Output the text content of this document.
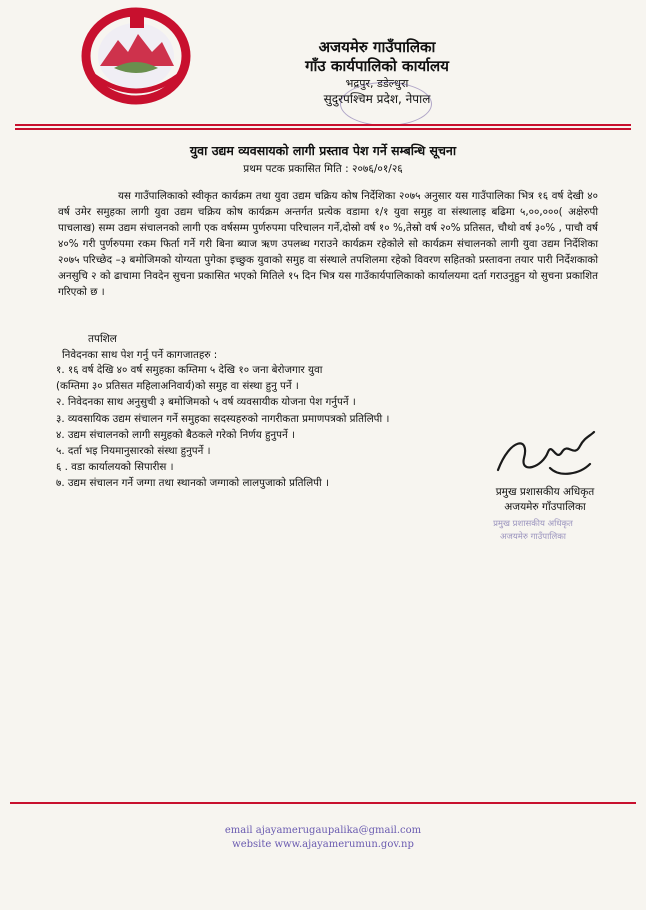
अजयमेरु गाउँपालिका
गाँउ कार्यपालिको कार्यालय
भद्रपुर, डडेल्धुरा
सुदुरपश्चिम प्रदेश, नेपाल
युवा उद्यम व्यवसायको लागी प्रस्ताव पेश गर्ने सम्बन्धि सूचना
प्रथम पटक प्रकासित मिति : २०७६/०१/२६
यस गाउँपालिकाको स्वीकृत कार्यक्रम तथा युवा उद्यम चक्रिय कोष निर्देशिका २०७५ अनुसार यस गाउँपालिका भित्र १६ वर्ष देखी ४० वर्ष उमेर समुहका लागी युवा उद्यम चक्रिय कोष कार्यक्रम अन्तर्गत प्रत्येक वडामा १/१ युवा समुह वा संस्थालाइ बढिमा ५,००,०००( अक्षेरुपी पाचलाख) सम्म उद्यम संचालनको लागी एक वर्षसम्म पुर्णरुपमा परिचालन गर्ने,दोस्रो वर्ष १० %,तेस्रो वर्ष २०% प्रतिसत, चौथो वर्ष ३०% , पाचौ वर्ष ४०% गरी पुर्णरुपमा रकम फिर्ता गर्ने गरी बिना ब्याज ऋण उपलब्ध गराउने कार्यक्रम रहेकोले सो कार्यक्रम संचालनको लागी युवा उद्यम निर्देशिका २०७५ परिच्छेद –३ बमोजिमको योग्यता पुगेका इच्छुक युवाको समुह वा संस्थाले तपशिलमा रहेको विवरण सहितको प्रस्तावना तयार पारी निर्देशकाको अनसुचि २ को ढाचामा निवदेन सुचना प्रकासित भएको मितिले १५ दिन भित्र यस गाउँकार्यपालिकाको कार्यालयमा दर्ता गराउनुहुन यो सुचना प्रकाशित गरिएको छ ।
तपशिल
निवेदनका साथ पेश गर्नु पर्ने कागजातहरु :
१. १६ वर्ष देखि ४० वर्ष समुहका कम्तिमा ५ देखि १० जना बेरोजगार युवा
(कम्तिमा ३० प्रतिसत महिलाअनिवार्य)को समुह वा संस्था हुनु पर्ने ।
२. निवेदनका साथ अनुसुची ३ बमोजिमको ५ वर्ष व्यवसायीक योजना पेश गर्नुपर्ने ।
३. व्यवसायिक उद्यम संचालन गर्ने समुहका सदस्यहरुको नागरीकता प्रमाणपत्रको प्रतिलिपी ।
४. उद्यम संचालनको लागी समुहको बैठकले गरेको निर्णय हुनुपर्ने ।
५. दर्ता भइ नियमानुसारको संस्था हुनुपर्ने ।
६ . वडा कार्यालयको सिपारीस ।
७. उद्यम संचालन गर्ने जग्गा तथा स्थानको जग्गाको लालपुजाको प्रतिलिपी ।
प्रमुख प्रशासकीय अधिकृत
अजयमेरु गाँउपालिका
प्रमुख प्रशासकीय अधिकृत
अजयमेरु गाउँपालिका
email ajayamerugaupalika@gmail.com
website www.ajayamerumun.gov.np
